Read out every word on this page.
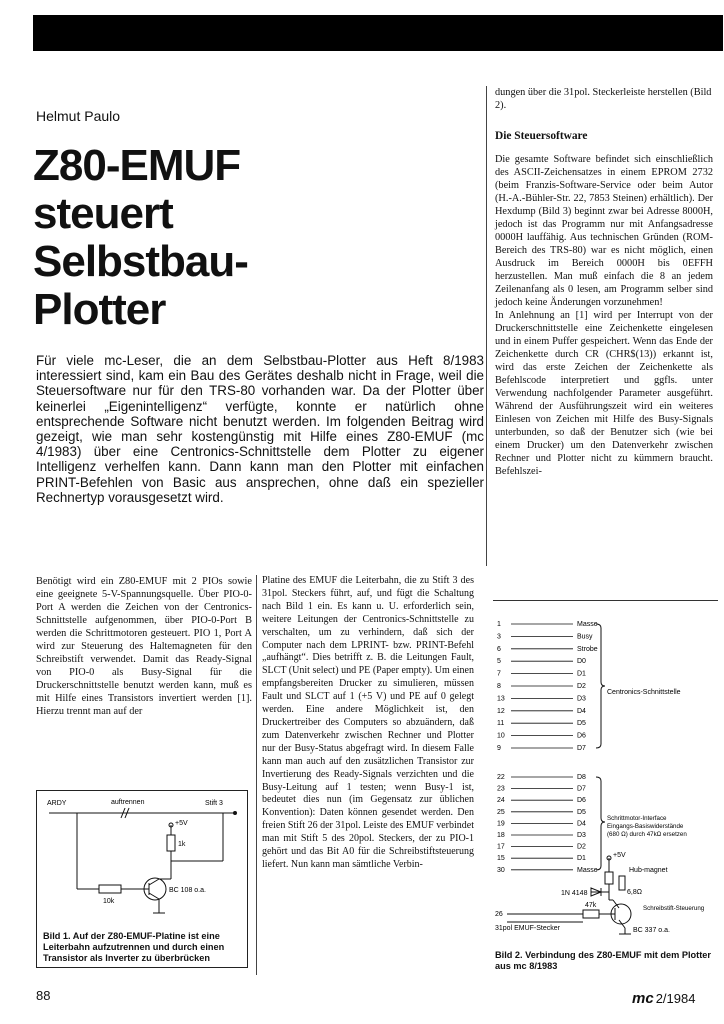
Helmut Paulo
Z80-EMUF
steuert
Selbstbau-
Plotter
Für viele mc-Leser, die an dem Selbstbau-Plotter aus Heft 8/1983 interessiert sind, kam ein Bau des Gerätes deshalb nicht in Frage, weil die Steuersoftware nur für den TRS-80 vorhanden war. Da der Plotter über keinerlei „Eigenintelligenz“ verfügte, konnte er natürlich ohne entsprechende Software nicht benutzt werden. Im folgenden Beitrag wird gezeigt, wie man sehr kostengünstig mit Hilfe eines Z80-EMUF (mc 4/1983) über eine Centronics-Schnittstelle dem Plotter zu eigener Intelligenz verhelfen kann. Dann kann man den Plotter mit einfachen PRINT-Befehlen von Basic aus ansprechen, ohne daß ein spezieller Rechnertyp vorausgesetzt wird.

Benötigt wird ein Z80-EMUF mit 2 PIOs sowie eine geeignete 5-V-Spannungsquelle. Über PIO-0-Port A werden die Zeichen von der Centronics-Schnittstelle aufgenommen, über PIO-0-Port B werden die Schrittmotoren gesteuert. PIO 1, Port A wird zur Steuerung des Haltemagneten für den Schreibstift verwendet. Damit das Ready-Signal von PIO-0 als Busy-Signal für die Druckerschnittstelle benutzt werden kann, muß es mit Hilfe eines Transistors invertiert werden [1]. Hierzu trennt man auf der

Platine des EMUF die Leiterbahn, die zu Stift 3 des 31pol. Steckers führt, auf, und fügt die Schaltung nach Bild 1 ein. Es kann u. U. erforderlich sein, weitere Leitungen der Centronics-Schnittstelle zu verschalten, um zu verhindern, daß sich der Computer nach dem LPRINT- bzw. PRINT-Befehl „aufhängt“. Dies betrifft z. B. die Leitungen Fault, SLCT (Unit select) und PE (Paper empty). Um einen empfangsbereiten Drucker zu simulieren, müssen Fault und SLCT auf 1 (+5 V) und PE auf 0 gelegt werden. Eine andere Möglichkeit ist, den Druckertreiber des Computers so abzuändern, daß zum Datenverkehr zwischen Rechner und Plotter nur der Busy-Status abgefragt wird. In diesem Falle kann man auch auf den zusätzlichen Transistor zur Invertierung des Ready-Signals verzichten und die Busy-Leitung auf 1 testen; wenn Busy-1 ist, bedeutet dies nun (im Gegensatz zur üblichen Konvention): Daten können gesendet werden. Den freien Stift 26 der 31pol. Leiste des EMUF verbindet man mit Stift 5 des 20pol. Steckers, der zu PIO-1 gehört und das Bit A0 für die Schreibstiftsteuerung liefert. Nun kann man sämtliche Verbin-

dungen über die 31pol. Steckerleiste herstellen (Bild 2).

Die Steuersoftware

Die gesamte Software befindet sich einschließlich des ASCII-Zeichensatzes in einem EPROM 2732 (beim Franzis-Software-Service oder beim Autor (H.-A.-Bühler-Str. 22, 7853 Steinen) erhältlich). Der Hexdump (Bild 3) beginnt zwar bei Adresse 8000H, jedoch ist das Programm nur mit Anfangsadresse 0000H lauffähig. Aus technischen Gründen (ROM-Bereich des TRS-80) war es nicht möglich, einen Ausdruck im Bereich 0000H bis 0EFFH herzustellen. Man muß einfach die 8 an jedem Zeilenanfang als 0 lesen, am Programm selber sind jedoch keine Änderungen vorzunehmen!

In Anlehnung an [1] wird per Interrupt von der Druckerschnittstelle eine Zeichenkette eingelesen und in einem Puffer gespeichert. Wenn das Ende der Zeichenkette durch CR (CHR$(13)) erkannt ist, wird das erste Zeichen der Zeichenkette als Befehlscode interpretiert und ggfls. unter Verwendung nachfolgender Parameter ausgeführt. Während der Ausführungszeit wird ein weiteres Einlesen von Zeichen mit Hilfe des Busy-Signals unterbunden, so daß der Benutzer sich (wie bei einem Drucker) um den Datenverkehr zwischen Rechner und Plotter nicht zu kümmern braucht. Befehlszei-

ARDY	auftrennen	Stift 3
+5V
1k
10k
BC 108 o.a.
Bild 1. Auf der Z80-EMUF-Platine ist eine Leiterbahn aufzutrennen und durch einen Transistor als Inverter zu überbrücken
1	Masse
3	Busy
6	Strobe
5	D0
7	D1
8	D2
13	D3
12	D4
11	D5
10	D6
9	D7
22	D8
23	D7
24	D6
25	D5
19	D4
18	D3
17	D2
15	D1
30	Masse
Centronics-Schnittstelle
Schrittmotor-Interface
Eingangs-Basiswiderstände
(680 Ω) durch 47kΩ ersetzen
+5V
Hub-magnet
1N 4148	6,8Ω
47k	Schreibstift-Steuerung
BC 337 o.a.
26
31pol EMUF-Stecker
Bild 2. Verbindung des Z80-EMUF mit dem Plotter aus mc 8/1983
88	mc 2/1984
